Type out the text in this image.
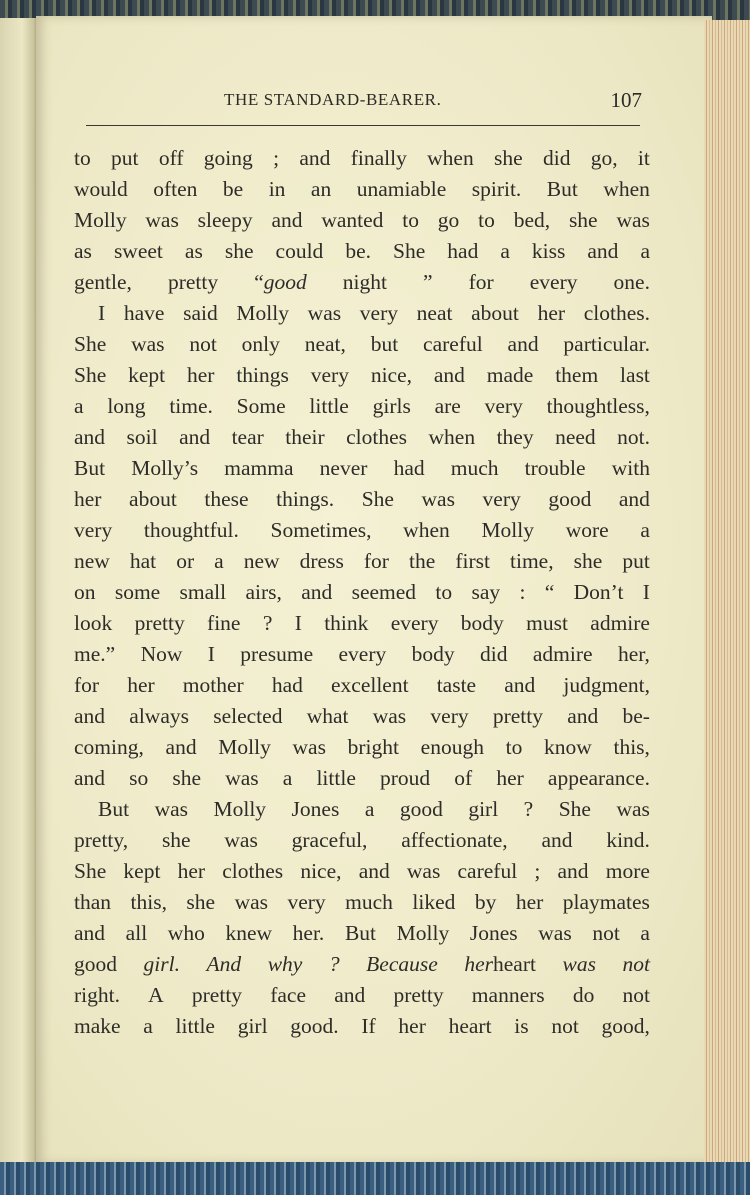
THE STANDARD-BEARER.	107
to put off going ; and finally when she did go, it
would often be in an unamiable spirit. But when
Molly was sleepy and wanted to go to bed, she was
as sweet as she could be. She had a kiss and a
gentle, pretty “good night ” for every one.
I have said Molly was very neat about her clothes.
She was not only neat, but careful and particular.
She kept her things very nice, and made them last
a long time. Some little girls are very thoughtless,
and soil and tear their clothes when they need not.
But Molly’s mamma never had much trouble with
her about these things. She was very good and
very thoughtful. Sometimes, when Molly wore a
new hat or a new dress for the first time, she put
on some small airs, and seemed to say : “ Don’t I
look pretty fine ? I think every body must admire
me.” Now I presume every body did admire her,
for her mother had excellent taste and judgment,
and always selected what was very pretty and be-
coming, and Molly was bright enough to know this,
and so she was a little proud of her appearance.
But was Molly Jones a good girl ? She was
pretty, she was graceful, affectionate, and kind.
She kept her clothes nice, and was careful ; and more
than this, she was very much liked by her playmates
and all who knew her. But Molly Jones was not a
good girl. And why ? Because herheart was not
right. A pretty face and pretty manners do not
make a little girl good. If her heart is not good,
